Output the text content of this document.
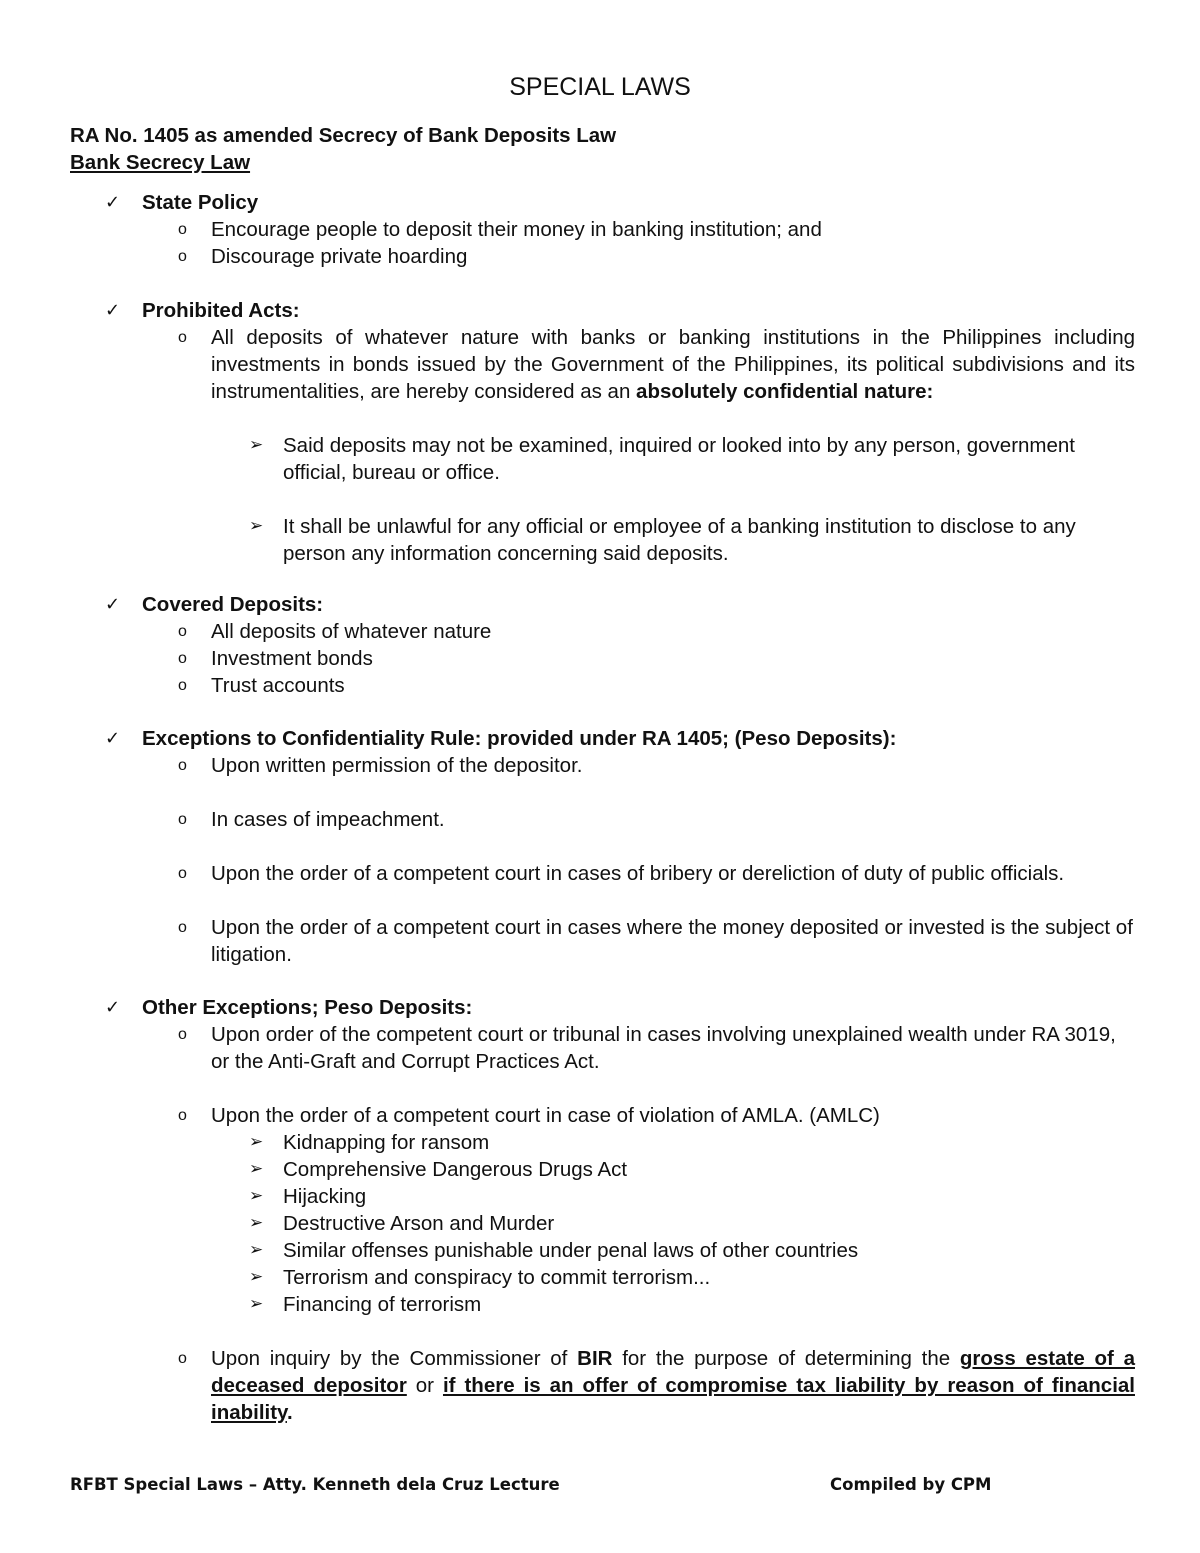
SPECIAL LAWS
RA No. 1405 as amended Secrecy of Bank Deposits Law
Bank Secrecy Law
✓	State Policy
o Encourage people to deposit their money in banking institution; and
o Discourage private hoarding
✓	Prohibited Acts:
o All deposits of whatever nature with banks or banking institutions in the Philippines including investments in bonds issued by the Government of the Philippines, its political subdivisions and its instrumentalities, are hereby considered as an absolutely confidential nature:
➢ Said deposits may not be examined, inquired or looked into by any person, government official, bureau or office.
➢ It shall be unlawful for any official or employee of a banking institution to disclose to any person any information concerning said deposits.
✓	Covered Deposits:
o All deposits of whatever nature
o Investment bonds
o Trust accounts
✓	Exceptions to Confidentiality Rule: provided under RA 1405; (Peso Deposits):
o Upon written permission of the depositor.
o In cases of impeachment.
o Upon the order of a competent court in cases of bribery or dereliction of duty of public officials.
o Upon the order of a competent court in cases where the money deposited or invested is the subject of litigation.
✓	Other Exceptions; Peso Deposits:
o Upon order of the competent court or tribunal in cases involving unexplained wealth under RA 3019, or the Anti-Graft and Corrupt Practices Act.
o Upon the order of a competent court in case of violation of AMLA. (AMLC)
➢ Kidnapping for ransom
➢ Comprehensive Dangerous Drugs Act
➢ Hijacking
➢ Destructive Arson and Murder
➢ Similar offenses punishable under penal laws of other countries
➢ Terrorism and conspiracy to commit terrorism...
➢ Financing of terrorism
o Upon inquiry by the Commissioner of BIR for the purpose of determining the gross estate of a deceased depositor or if there is an offer of compromise tax liability by reason of financial inability.
RFBT Special Laws – Atty. Kenneth dela Cruz Lecture	Compiled by CPM
